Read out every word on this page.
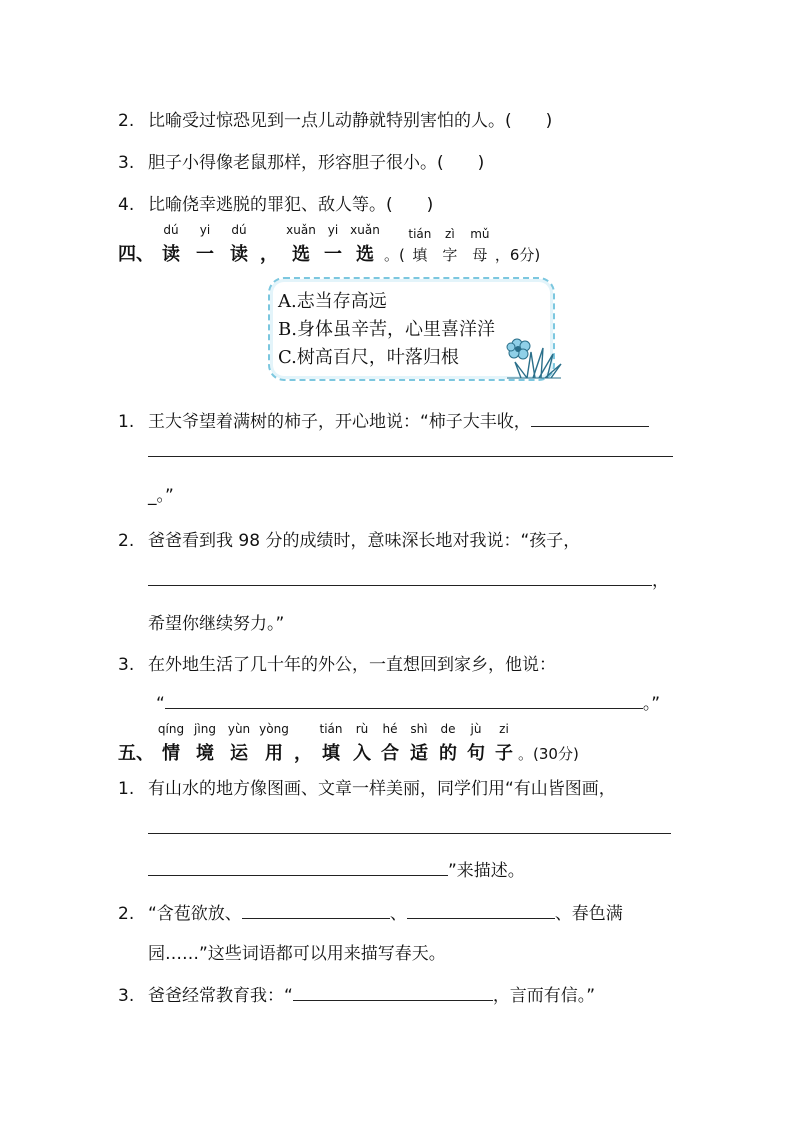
2. 比喻受过惊恐见到一点儿动静就特别害怕的人。( )
3. 胆子小得像老鼠那样，形容胆子很小。( )
4. 比喻侥幸逃脱的罪犯、敌人等。( )
四、
dú
读
yi
一
dú
读 ，
xuǎn
选
yi
一
xuǎn
选 。(
tián
填
zì
字
mǔ
母 ，6分)
A.志当存高远
B.身体虽辛苦，心里喜洋洋
C.树高百尺，叶落归根
1. 王大爷望着满树的柿子，开心地说：“柿子大丰收，
_。”
2. 爸爸看到我 98 分的成绩时，意味深长地对我说：“孩子，
，
希望你继续努力。”
3. 在外地生活了几十年的外公，一直想回到家乡，他说：
“	。”
五、
qíng
情
jìng
境
yùn
运
yòng
用 ，
tián
填
rù
入
hé
合
shì
适
de
的
jù
句
zi
子 。(30分)
1. 有山水的地方像图画、文章一样美丽，同学们用“有山皆图画，
”来描述。
2. “含苞欲放、	、	、春色满
园……”这些词语都可以用来描写春天。
3. 爸爸经常教育我：“	，言而有信。”
